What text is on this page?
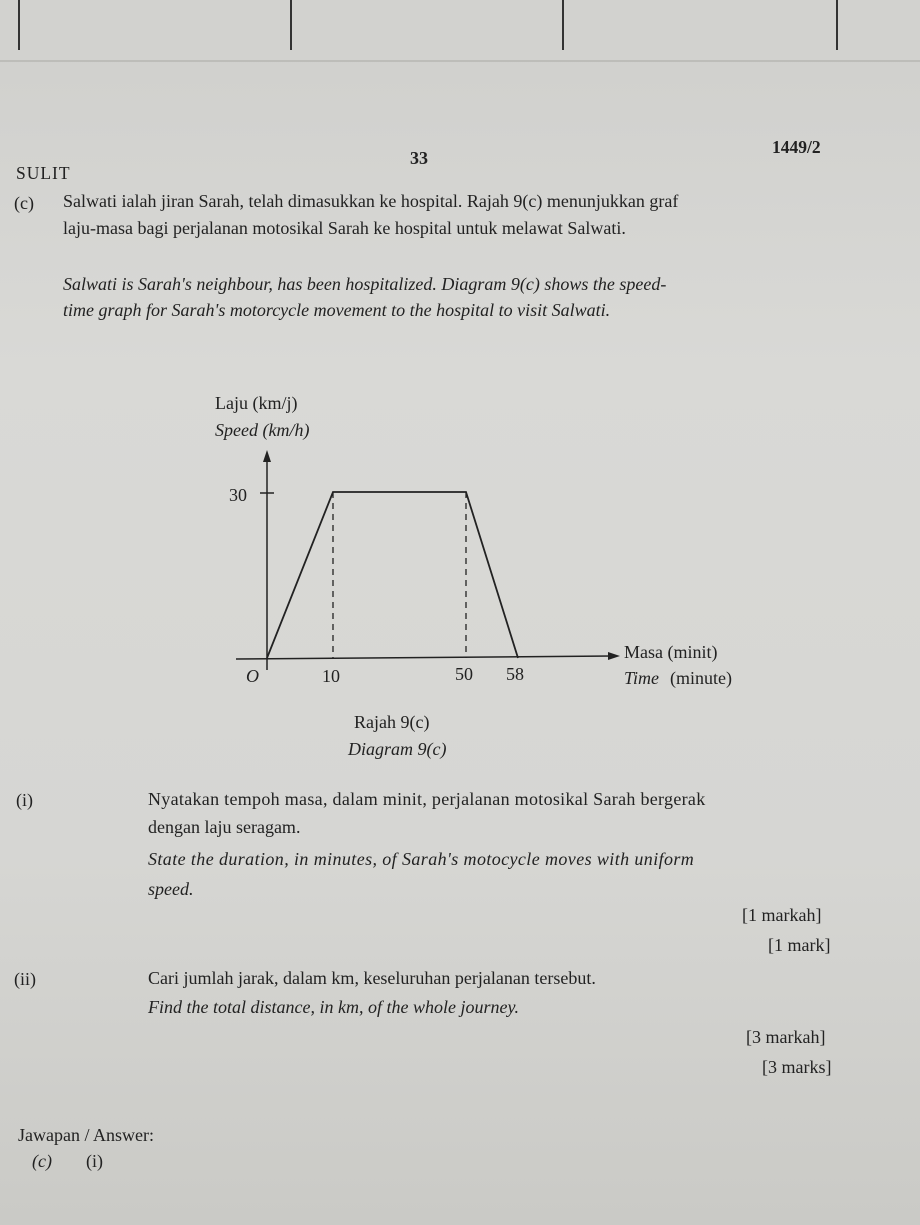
SULIT
33
1449/2
(c) Salwati ialah jiran Sarah, telah dimasukkan ke hospital. Rajah 9(c) menunjukkan graf
laju-masa bagi perjalanan motosikal Sarah ke hospital untuk melawat Salwati.
Salwati is Sarah's neighbour, has been hospitalized. Diagram 9(c) shows the speed-
time graph for Sarah's motorcycle movement to the hospital to visit Salwati.
Laju (km/j)
Speed (km/h)
30
O	10	50 58
Masa (minit)
Time (minute)
Rajah 9(c)
Diagram 9(c)
(i)	Nyatakan tempoh masa, dalam minit, perjalanan motosikal Sarah bergerak
dengan laju seragam.
State the duration, in minutes, of Sarah's motocycle moves with uniform
speed.
[1 markah]
[1 mark]
(ii)	Cari jumlah jarak, dalam km, keseluruhan perjalanan tersebut.
Find the total distance, in km, of the whole journey.
[3 markah]
[3 marks]
Jawapan / Answer:
(c) (i)
